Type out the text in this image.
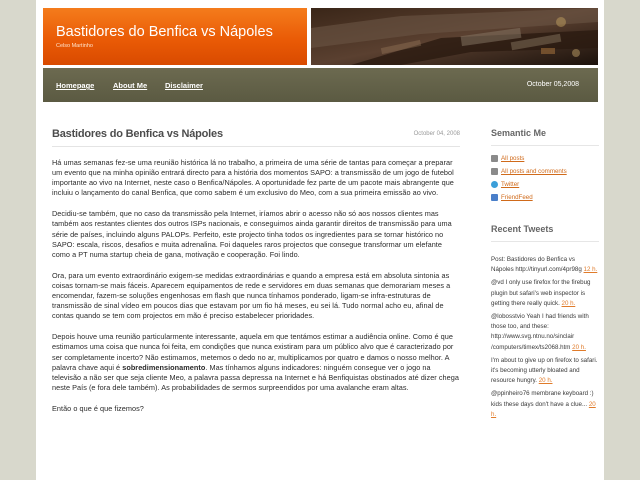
Bastidores do Benfica vs Nápoles
Celso Martinho
Homepage About Me Disclaimer	October 05,2008
Bastidores do Benfica vs Nápoles	October 04, 2008

Há umas semanas fez-se uma reunião histórica lá no trabalho, a primeira de uma série de tantas para começar a preparar um evento que na minha opinião entrará directo para a história dos momentos SAPO: a transmissão de um jogo de futebol importante ao vivo na Internet, neste caso o Benfica/Nápoles. A oportunidade fez parte de um pacote mais abrangente que incluiu o lançamento do canal Benfica, que como sabem é um exclusivo do Meo, com a sua primeira emissão ao vivo.

Decidiu-se também, que no caso da transmissão pela Internet, iríamos abrir o acesso não só aos nossos clientes mas também aos restantes clientes dos outros ISPs nacionais, e conseguimos ainda garantir direitos de transmissão para uma série de países, incluindo alguns PALOPs. Perfeito, este projecto tinha todos os ingredientes para se tornar histórico no SAPO: escala, riscos, desafios e muita adrenalina. Foi daqueles raros projectos que consegue transformar um elefante como a PT numa startup cheia de gana, motivação e cooperação. Foi lindo.

Ora, para um evento extraordinário exigem-se medidas extraordinárias e quando a empresa está em absoluta sintonia as coisas tornam-se mais fáceis. Aparecem equipamentos de rede e servidores em duas semanas que demorariam meses a encomendar, fazem-se soluções engenhosas em flash que nunca tínhamos ponderado, ligam-se infra-estruturas de transmissão de sinal vídeo em poucos dias que estavam por um fio há meses, eu sei lá. Tudo normal acho eu, afinal de contas quando se tem com projectos em mão é preciso estabelecer prioridades.

Depois houve uma reunião particularmente interessante, aquela em que tentámos estimar a audiência online. Como é que estimamos uma coisa que nunca foi feita, em condições que nunca existiram para um público alvo que é caracterizado por ser completamente incerto? Não estimamos, metemos o dedo no ar, multiplicamos por quatro e damos o nosso melhor. A palavra chave aqui é sobredimensionamento. Mas tínhamos alguns indicadores: ninguém consegue ver o jogo na televisão a não ser que seja cliente Meo, a palavra passa depressa na Internet e há Benfiquistas obstinados até dizer chega neste País (e fora dele também). As probabilidades de sermos surpreendidos por uma avalanche eram altas.

Então o que é que fizemos?

Semantic Me
All posts
All posts and comments
Twitter
FriendFeed
Recent Tweets

Post: Bastidores do Benfica vs Nápoles http://tinyurl.com/4pr98g 12 h.

@vd I only use firefox for the firebug plugin but safari's web inspector is getting there really quick. 20 h.

@lobosstvio Yeah I had friends with those too, and these: http://www.svg.ntnu.no/sinclair /computers/timex/ts2068.htm 20 h.

I'm about to give up on firefox to safari. it's becoming utterly bloated and resource hungry. 20 h.

@ppinheiro76 membrane keyboard :) kids these days don't have a clue... 20 h.
